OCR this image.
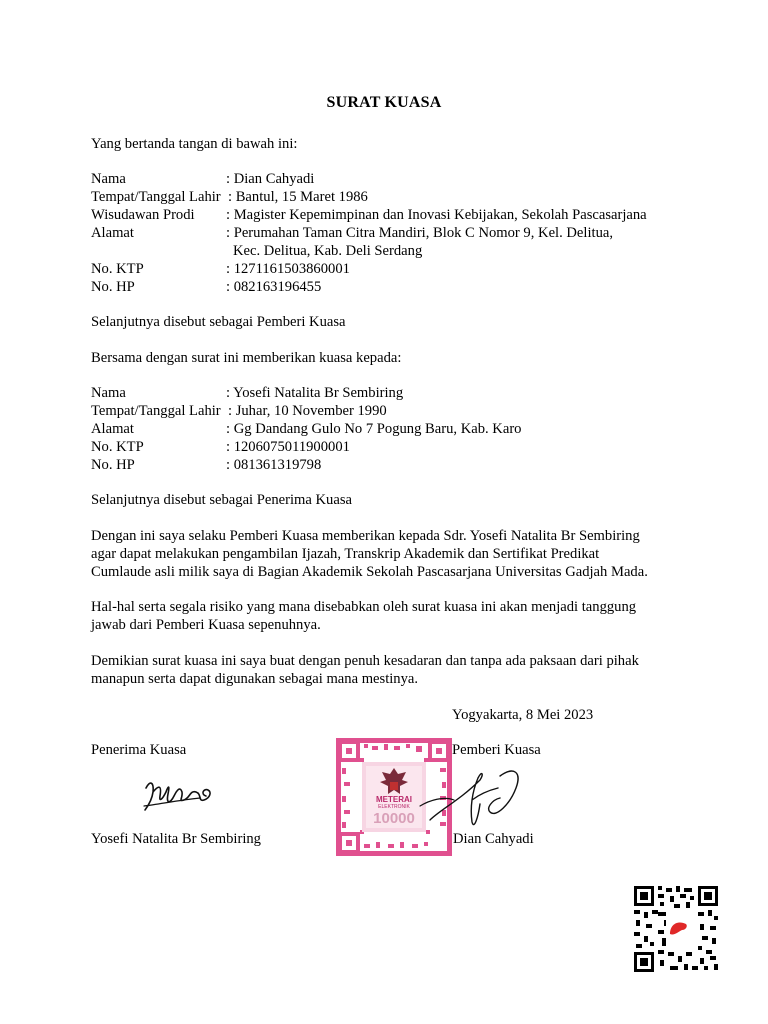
SURAT KUASA
Yang bertanda tangan di bawah ini:
Nama	: Dian Cahyadi
Tempat/Tanggal Lahir : Bantul, 15 Maret 1986
Wisudawan Prodi : Magister Kepemimpinan dan Inovasi Kebijakan, Sekolah Pascasarjana
Alamat	: Perumahan Taman Citra Mandiri, Blok C Nomor 9, Kel. Delitua,
Kec. Delitua, Kab. Deli Serdang
No. KTP	: 1271161503860001
No. HP	: 082163196455
Selanjutnya disebut sebagai Pemberi Kuasa
Bersama dengan surat ini memberikan kuasa kepada:
Nama	: Yosefi Natalita Br Sembiring
Tempat/Tanggal Lahir : Juhar, 10 November 1990
Alamat	: Gg Dandang Gulo No 7 Pogung Baru, Kab. Karo
No. KTP	: 1206075011900001
No. HP	: 081361319798
Selanjutnya disebut sebagai Penerima Kuasa
Dengan ini saya selaku Pemberi Kuasa memberikan kepada Sdr. Yosefi Natalita Br Sembiring
agar dapat melakukan pengambilan Ijazah, Transkrip Akademik dan Sertifikat Predikat
Cumlaude asli milik saya di Bagian Akademik Sekolah Pascasarjana Universitas Gadjah Mada.
Hal-hal serta segala risiko yang mana disebabkan oleh surat kuasa ini akan menjadi tanggung
jawab dari Pemberi Kuasa sepenuhnya.
Demikian surat kuasa ini saya buat dengan penuh kesadaran dan tanpa ada paksaan dari pihak
manapun serta dapat digunakan sebagai mana mestinya.
Yogyakarta, 8 Mei 2023
Penerima Kuasa	Pemberi Kuasa
METERAI
ELEKTRONIK
10000
Yosefi Natalita Br Sembiring	Dian Cahyadi
